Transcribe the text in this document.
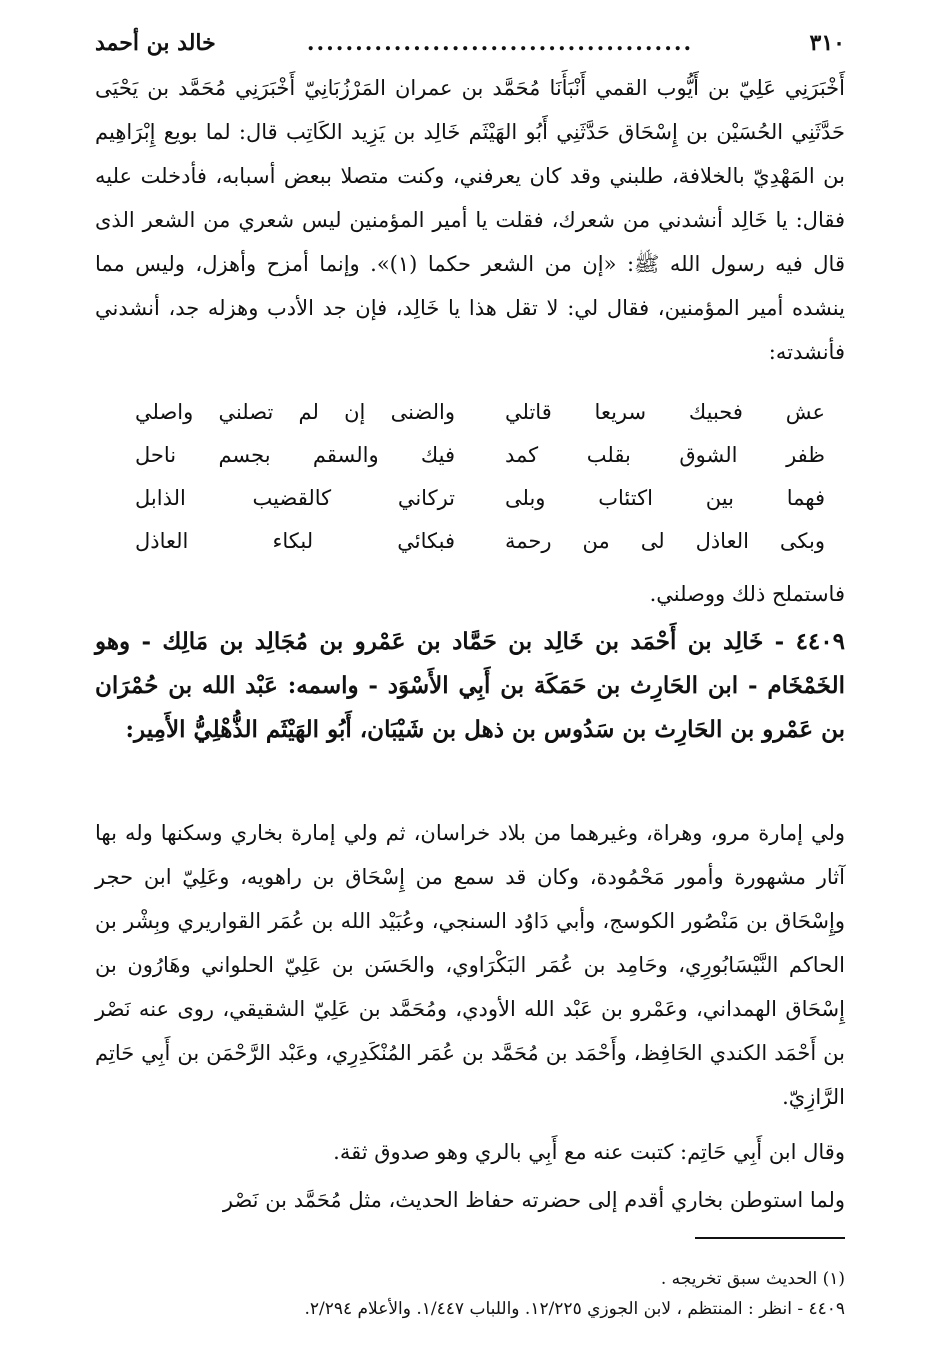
٣١٠
........................................
خالد بن أحمد

أَخْبَرَنِي عَلِيّ بن أَيُّوب القمي أَنْبَأَنَا مُحَمَّد بن عمران المَرْزُبَانِيّ أَخْبَرَنِي مُحَمَّد بن يَحْيَى حَدَّثَنِي الحُسَيْن بن إِسْحَاق حَدَّثَنِي أَبُو الهَيْثَم خَالِد بن يَزِيد الكَاتِب قال: لما بويع إِبْرَاهِيم بن المَهْدِيّ بالخلافة، طلبني وقد كان يعرفني، وكنت متصلا ببعض أسبابه، فأدخلت عليه فقال: يا خَالِد أنشدني من شعرك، فقلت يا أمير المؤمنين ليس شعري من الشعر الذى قال فيه رسول الله ﷺ: «إن من الشعر حكما (١)». وإنما أمزح وأهزل، وليس مما ينشده أمير المؤمنين، فقال لي: لا تقل هذا يا خَالِد، فإن جد الأدب وهزله جد، أنشدني فأنشدته:

عش فحبيك سريعا قاتلي
والضنى إن لم تصلني واصلي
ظفر الشوق بقلب كمد
فيك والسقم بجسم ناحل
فهما بين اكتئاب وبلى
تركاني كالقضيب الذابل
وبكى العاذل لى من رحمة
فبكائي لبكاء العاذل

فاستملح ذلك ووصلني.

٤٤٠٩ - خَالِد بن أَحْمَد بن خَالِد بن حَمَّاد بن عَمْرو بن مُجَالِد بن مَالِك - وهو الخَمْخَام - ابن الحَارِث بن حَمَكَة بن أَبِي الأَسْوَد - واسمه: عَبْد الله بن حُمْرَان بن عَمْرو بن الحَارِث بن سَدُوس بن ذهل بن شَيْبَان، أَبُو الهَيْثَم الذُّهْلِيُّ الأَمِير:

ولي إمارة مرو، وهراة، وغيرهما من بلاد خراسان، ثم ولي إمارة بخاري وسكنها وله بها آثار مشهورة وأمور مَحْمُودة، وكان قد سمع من إِسْحَاق بن راهويه، وعَلِيّ ابن حجر وإِسْحَاق بن مَنْصُور الكوسج، وأبي دَاوُد السنجي، وعُبَيْد الله بن عُمَر القواريري وبِشْر بن الحاكم النَّيْسَابُورِي، وحَامِد بن عُمَر البَكْرَاوي، والحَسَن بن عَلِيّ الحلواني وهَارُون بن إِسْحَاق الهمداني، وعَمْرو بن عَبْد الله الأودي، ومُحَمَّد بن عَلِيّ الشقيقي، روى عنه نَصْر بن أَحْمَد الكندي الحَافِظ، وأَحْمَد بن مُحَمَّد بن عُمَر المُنْكَدِرِي، وعَبْد الرَّحْمَن بن أَبِي حَاتِم الرَّازِيّ.

وقال ابن أَبِي حَاتِم: كتبت عنه مع أَبِي بالري وهو صدوق ثقة.

ولما استوطن بخاري أقدم إلى حضرته حفاظ الحديث، مثل مُحَمَّد بن نَصْر

(١) الحديث سبق تخريجه .

٤٤٠٩ - انظر : المنتظم ، لابن الجوزي ١٢/٢٢٥. واللباب ١/٤٤٧. والأعلام ٢/٢٩٤.
